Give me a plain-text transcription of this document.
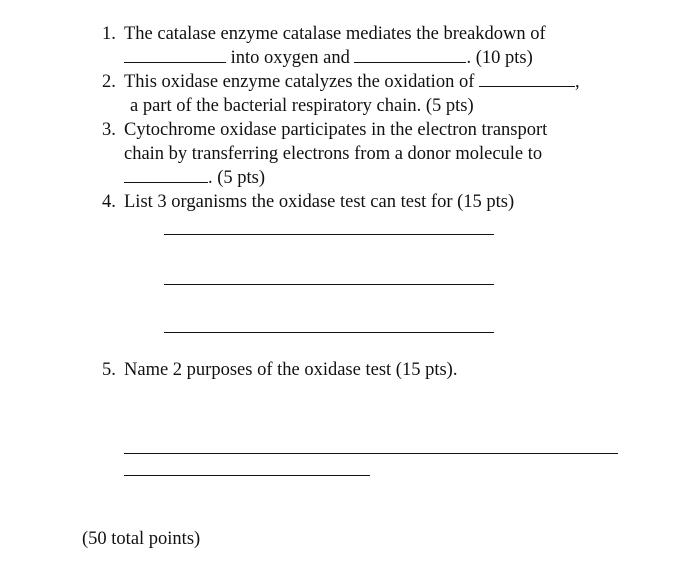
1. The catalase enzyme catalase mediates the breakdown of
into oxygen and	. (10 pts)
2. This oxidase enzyme catalyzes the oxidation of	,
a part of the bacterial respiratory chain. (5 pts)
3. Cytochrome oxidase participates in the electron transport
chain by transferring electrons from a donor molecule to
. (5 pts)
4. List 3 organisms the oxidase test can test for (15 pts)
5. Name 2 purposes of the oxidase test (15 pts).
(50 total points)
